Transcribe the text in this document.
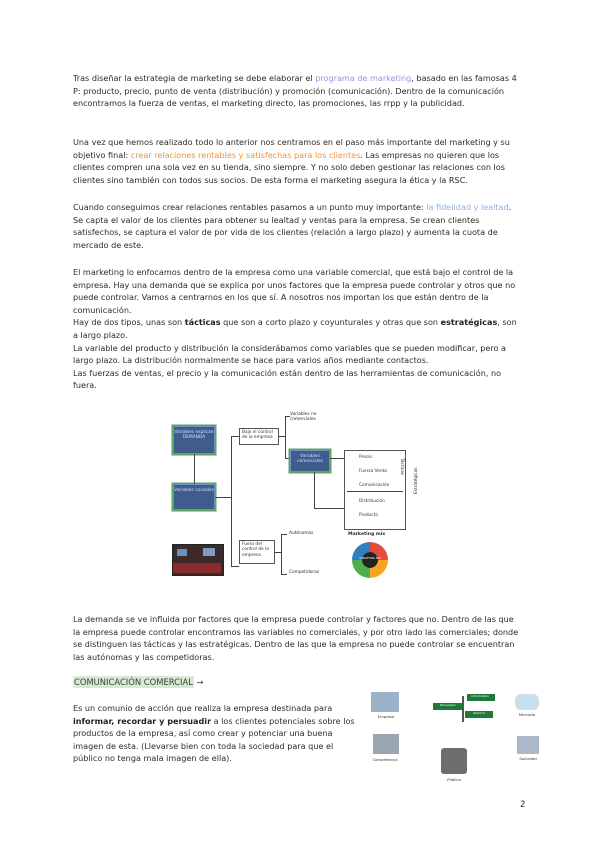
Tras diseñar la estrategia de marketing se debe elaborar el programa de marketing, basado en las famosas 4 P: producto, precio, punto de venta (distribución) y promoción (comunicación). Dentro de la comunicación encontramos la fuerza de ventas, el marketing directo, las promociones, las rrpp y la publicidad.

Una vez que hemos realizado todo lo anterior nos centramos en el paso más importante del marketing y su objetivo final: crear relaciones rentables y satisfechas para los clientes. Las empresas no quieren que los clientes compren una sola vez en su tienda, sino siempre. Y no solo deben gestionar las relaciones con los clientes sino también con todos sus socios. De esta forma el marketing asegura la ética y la RSC.

Cuando conseguimos crear relaciones rentables pasamos a un punto muy importante: la fidelidad y lealtad. Se capta el valor de los clientes para obtener su lealtad y ventas para la empresa. Se crean clientes satisfechos, se captura el valor de por vida de los clientes (relación a largo plazo) y aumenta la cuota de mercado de este.

El marketing lo enfocamos dentro de la empresa como una variable comercial, que está bajo el control de la empresa. Hay una demanda que se explica por unos factores que la empresa puede controlar y otros que no puede controlar. Vamos a centrarnos en los que sí. A nosotros nos importan los que están dentro de la comunicación.
Hay de dos tipos, unas son tácticas que son a corto plazo y coyunturales y otras que son estratégicas, son a largo plazo.
La variable del producto y distribución la considerábamos como variables que se pueden modificar, pero a largo plazo. La distribución normalmente se hace para varios años mediante contactos.
Las fuerzas de ventas, el precio y la comunicación están dentro de las herramientas de comunicación, no fuera.

Variables explican DEMANDA
Variables causales
Bajo el control de la empresa
Fuera del control de la empresa
Variables no comerciales
Variables comerciales
Precio
Fuerza Venta
Comunicación
Distribución
Producto
Tácticas
Estratégicas
Autónomas
Competidoras
Marketing mix
MARKETING MIX

La demanda se ve influida por factores que la empresa puede controlar y factores que no. Dentro de las que la empresa puede controlar encontramos las variables no comerciales, y por otro lado las comerciales; donde se distinguen las tácticas y las estratégicas. Dentro de las que la empresa no puede controlar se encuentran las autónomas y las competidoras.

COMUNICACIÓN COMERCIAL →

Es un comunio de acción que realiza la empresa destinada para informar, recordar y persuadir a los clientes potenciales sobre los productos de la empresa, así como crear y potenciar una buena imagen de esta. (Llevarse bien con toda la sociedad para que el público no tenga mala imagen de ella).

Empresa
Information
Persuasion
Remind	Mercado
Competencia	Sociedad
Público
2
